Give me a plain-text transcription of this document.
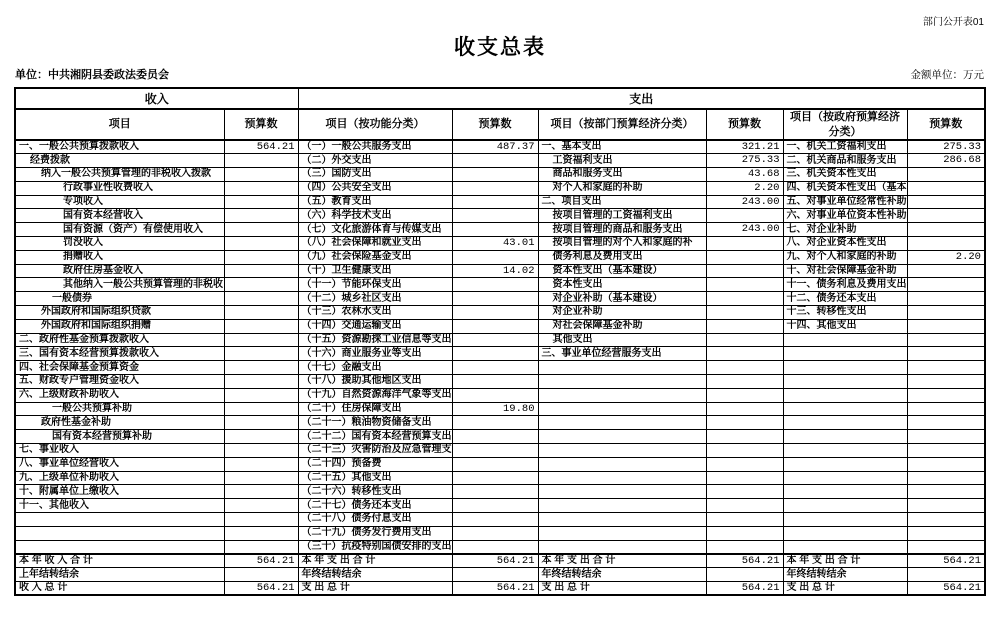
部门公开表01
收支总表
单位：中共湘阴县委政法委员会	金额单位：万元
收入		支出					
项目	预算数	项目（按功能分类）	预算数	项目（按部门预算经济分类）	预算数	项目（按政府预算经济分类）	预算数
一、一般公共预算拨款收入	564.21	（一）一般公共服务支出	487.37	一、基本支出	321.21	一、机关工资福利支出	275.33
经费拨款		（二）外交支出		工资福利支出	275.33	二、机关商品和服务支出	286.68
纳入一般公共预算管理的非税收入拨款		（三）国防支出		商品和服务支出	43.68	三、机关资本性支出	
行政事业性收费收入		（四）公共安全支出		对个人和家庭的补助	2.20	四、机关资本性支出（基本	
专项收入		（五）教育支出		二、项目支出	243.00	五、对事业单位经常性补助	
国有资本经营收入		（六）科学技术支出		按项目管理的工资福利支出		六、对事业单位资本性补助	
国有资源（资产）有偿使用收入		（七）文化旅游体育与传媒支出		按项目管理的商品和服务支出	243.00	七、对企业补助	
罚没收入		（八）社会保障和就业支出	43.01	按项目管理的对个人和家庭的补		八、对企业资本性支出	
捐赠收入		（九）社会保险基金支出		债务利息及费用支出		九、对个人和家庭的补助	2.20
政府住房基金收入		（十）卫生健康支出	14.02	资本性支出（基本建设）		十、对社会保障基金补助	
其他纳入一般公共预算管理的非税收		（十一）节能环保支出		资本性支出		十一、债务利息及费用支出	
一般债券		（十二）城乡社区支出		对企业补助（基本建设）		十二、债务还本支出	
外国政府和国际组织贷款		（十三）农林水支出		对企业补助		十三、转移性支出	
外国政府和国际组织捐赠		（十四）交通运输支出		对社会保障基金补助		十四、其他支出	
二、政府性基金预算拨款收入		（十五）资源勘探工业信息等支出		其他支出			
三、国有资本经营预算拨款收入		（十六）商业服务业等支出		三、事业单位经营服务支出			
四、社会保障基金预算资金		（十七）金融支出					
五、财政专户管理资金收入		（十八）援助其他地区支出					
六、上级财政补助收入		（十九）自然资源海洋气象等支出					
一般公共预算补助		（二十）住房保障支出	19.80				
政府性基金补助		（二十一）粮油物资储备支出					
国有资本经营预算补助		（二十二）国有资本经营预算支出					
七、事业收入		（二十三）灾害防治及应急管理支					
八、事业单位经营收入		（二十四）预备费					
九、上级单位补助收入		（二十五）其他支出					
十、附属单位上缴收入		（二十六）转移性支出					
十一、其他收入		（二十七）债务还本支出					
		（二十八）债务付息支出					
		（二十九）债务发行费用支出					
		（三十）抗疫特别国债安排的支出					
本 年 收 入 合 计	564.21	本 年 支 出 合 计	564.21	本 年 支 出 合 计	564.21	本 年 支 出 合 计	564.21
上年结转结余		年终结转结余		年终结转结余		年终结转结余	
收 入 总 计	564.21	支 出 总 计	564.21	支 出 总 计	564.21	支 出 总 计	564.21
